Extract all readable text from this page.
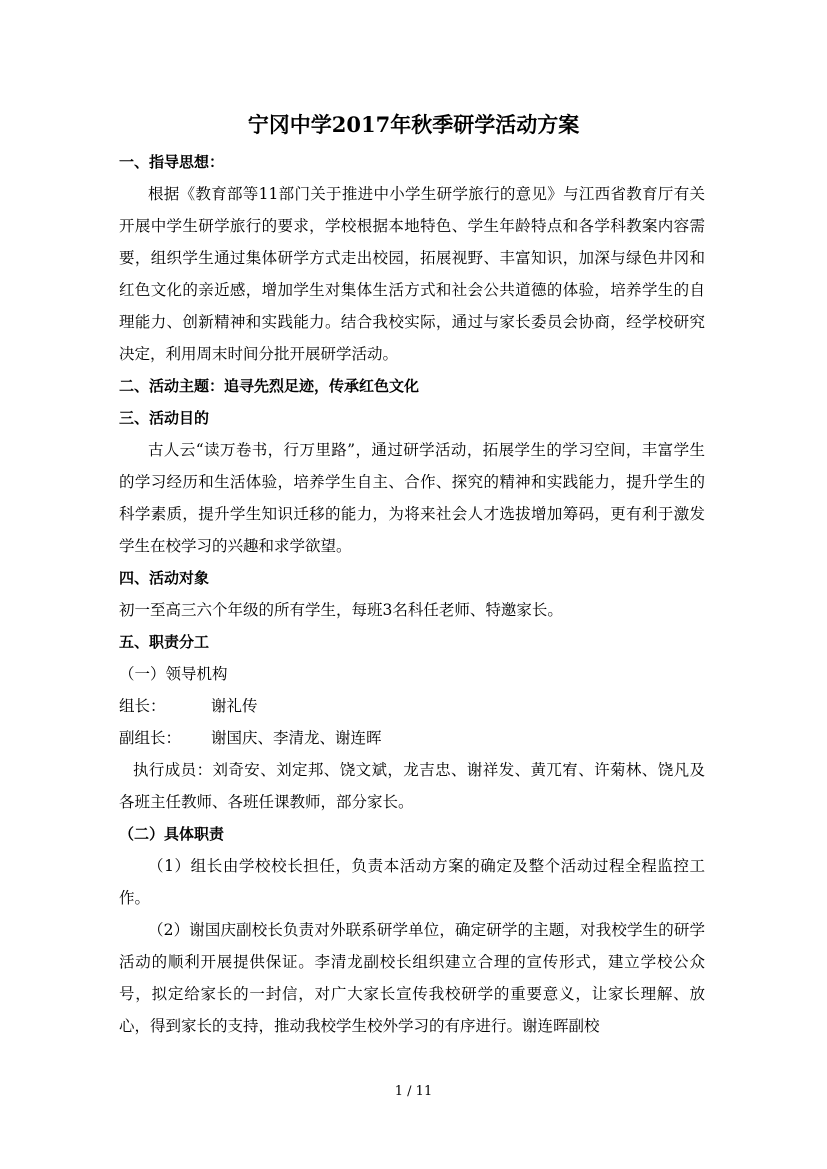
宁冈中学2017年秋季研学活动方案

一、指导思想：

根据《教育部等11部门关于推进中小学生研学旅行的意见》与江西省教育厅有关开展中学生研学旅行的要求，学校根据本地特色、学生年龄特点和各学科教案内容需要，组织学生通过集体研学方式走出校园，拓展视野、丰富知识，加深与绿色井冈和红色文化的亲近感，增加学生对集体生活方式和社会公共道德的体验，培养学生的自理能力、创新精神和实践能力。结合我校实际，通过与家长委员会协商，经学校研究决定，利用周末时间分批开展研学活动。

二、活动主题：追寻先烈足迹，传承红色文化

三、活动目的

古人云“读万卷书，行万里路”，通过研学活动，拓展学生的学习空间，丰富学生的学习经历和生活体验，培养学生自主、合作、探究的精神和实践能力，提升学生的科学素质，提升学生知识迁移的能力，为将来社会人才选拔增加筹码，更有利于激发学生在校学习的兴趣和求学欲望。

四、活动对象

初一至高三六个年级的所有学生，每班3名科任老师、特邀家长。

五、职责分工

（一）领导机构

组长：	谢礼传

副组长： 谢国庆、李清龙、谢连晖

执行成员：刘奇安、刘定邦、饶文斌，龙吉忠、谢祥发、黄兀宥、许菊林、饶凡及各班主任教师、各班任课教师，部分家长。

（二）具体职责

（1）组长由学校校长担任，负责本活动方案的确定及整个活动过程全程监控工作。

（2）谢国庆副校长负责对外联系研学单位，确定研学的主题，对我校学生的研学活动的顺利开展提供保证。李清龙副校长组织建立合理的宣传形式，建立学校公众号，拟定给家长的一封信，对广大家长宣传我校研学的重要意义，让家长理解、放心，得到家长的支持，推动我校学生校外学习的有序进行。谢连晖副校

1 / 11
